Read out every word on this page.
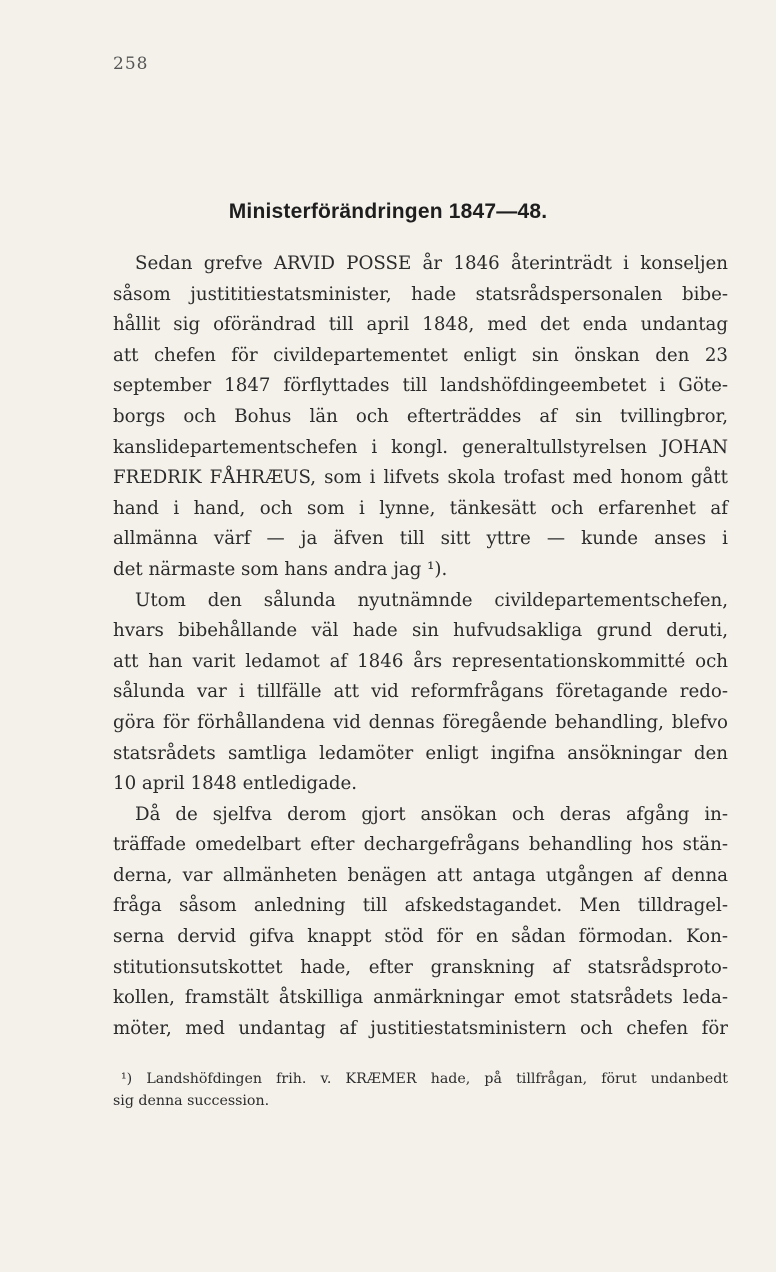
258
Ministerförändringen 1847—48.
Sedan grefve ARVID POSSE år 1846 återinträdt i konseljen
såsom justititiestatsminister, hade statsrådspersonalen bibe-
hållit sig oförändrad till april 1848, med det enda undantag
att chefen för civildepartementet enligt sin önskan den 23
september 1847 förflyttades till landshöfdingeembetet i Göte-
borgs och Bohus län och efterträddes af sin tvillingbror,
kanslidepartementschefen i kongl. generaltullstyrelsen JOHAN
FREDRIK FÅHRÆUS, som i lifvets skola trofast med honom gått
hand i hand, och som i lynne, tänkesätt och erfarenhet af
allmänna värf — ja äfven till sitt yttre — kunde anses i
det närmaste som hans andra jag ¹).
Utom den sålunda nyutnämnde civildepartementschefen,
hvars bibehållande väl hade sin hufvudsakliga grund deruti,
att han varit ledamot af 1846 års representationskommitté och
sålunda var i tillfälle att vid reformfrågans företagande redo-
göra för förhållandena vid dennas föregående behandling, blefvo
statsrådets samtliga ledamöter enligt ingifna ansökningar den
10 april 1848 entledigade.
Då de sjelfva derom gjort ansökan och deras afgång in-
träffade omedelbart efter dechargefrågans behandling hos stän-
derna, var allmänheten benägen att antaga utgången af denna
fråga såsom anledning till afskedstagandet. Men tilldragel-
serna dervid gifva knappt stöd för en sådan förmodan. Kon-
stitutionsutskottet hade, efter granskning af statsrådsproto-
kollen, framstält åtskilliga anmärkningar emot statsrådets leda-
möter, med undantag af justitiestatsministern och chefen för
¹) Landshöfdingen frih. v. KRÆMER hade, på tillfrågan, förut undanbedt
sig denna succession.
